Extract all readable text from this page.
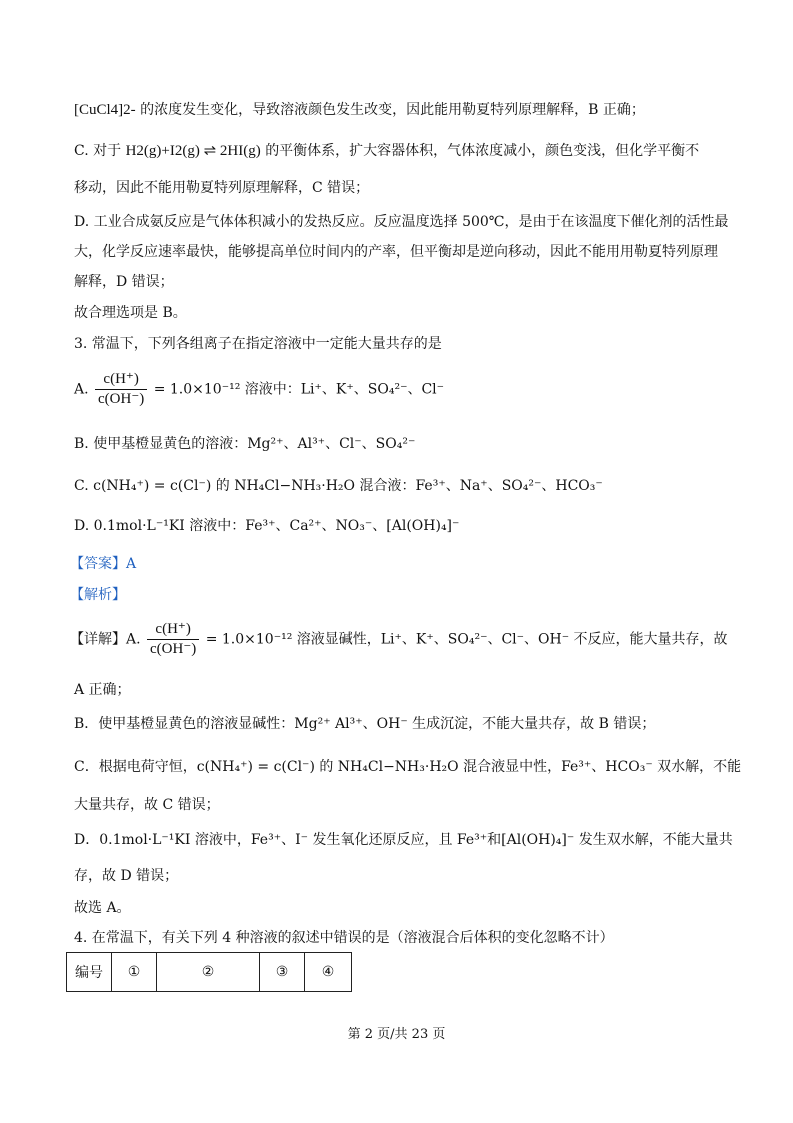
[CuCl4]2- 的浓度发生变化，导致溶液颜色发生改变，因此能用勒夏特列原理解释，B 正确；
C. 对于 H2(g)+I2(g) ⇌ 2HI(g) 的平衡体系，扩大容器体积，气体浓度减小，颜色变浅，但化学平衡不
移动，因此不能用勒夏特列原理解释，C 错误；
D. 工业合成氨反应是气体体积减小的发热反应。反应温度选择 500℃，是由于在该温度下催化剂的活性最
大，化学反应速率最快，能够提高单位时间内的产率，但平衡却是逆向移动，因此不能用用勒夏特列原理
解释，D 错误；
故合理选项是 B。
3. 常温下，下列各组离子在指定溶液中一定能大量共存的是
A. $\frac{c(H^+)}{c(OH^-)} = 1.0\times 10^{-12}$ 溶液中：Li⁺、K⁺、SO₄²⁻、Cl⁻
B. 使甲基橙显黄色的溶液：Mg²⁺、Al³⁺、Cl⁻、SO₄²⁻
C. c(NH₄⁺) = c(Cl⁻) 的 NH₄Cl−NH₃·H₂O 混合液：Fe³⁺、Na⁺、SO₄²⁻、HCO₃⁻
D. 0.1mol·L⁻¹KI 溶液中：Fe³⁺、Ca²⁺、NO₃⁻、[Al(OH)₄]⁻
【答案】A
【解析】
【详解】A. $\frac{c(H^+)}{c(OH^-)} = 1.0\times 10^{-12}$ 溶液显碱性，Li⁺、K⁺、SO₄²⁻、Cl⁻、OH⁻ 不反应，能大量共存，故
A 正确；
B．使甲基橙显黄色的溶液显碱性：Mg²⁺ Al³⁺、OH⁻ 生成沉淀，不能大量共存，故 B 错误；
C．根据电荷守恒，c(NH₄⁺) = c(Cl⁻) 的 NH₄Cl−NH₃·H₂O 混合液显中性，Fe³⁺、HCO₃⁻ 双水解，不能
大量共存，故 C 错误；
D．0.1mol·L⁻¹KI 溶液中，Fe³⁺、I⁻ 发生氧化还原反应，且 Fe³⁺和[Al(OH)₄]⁻ 发生双水解，不能大量共
存，故 D 错误；
故选 A。
4. 在常温下，有关下列 4 种溶液的叙述中错误的是（溶液混合后体积的变化忽略不计）
编号	①	②	③	④
第 2 页/共 23 页
